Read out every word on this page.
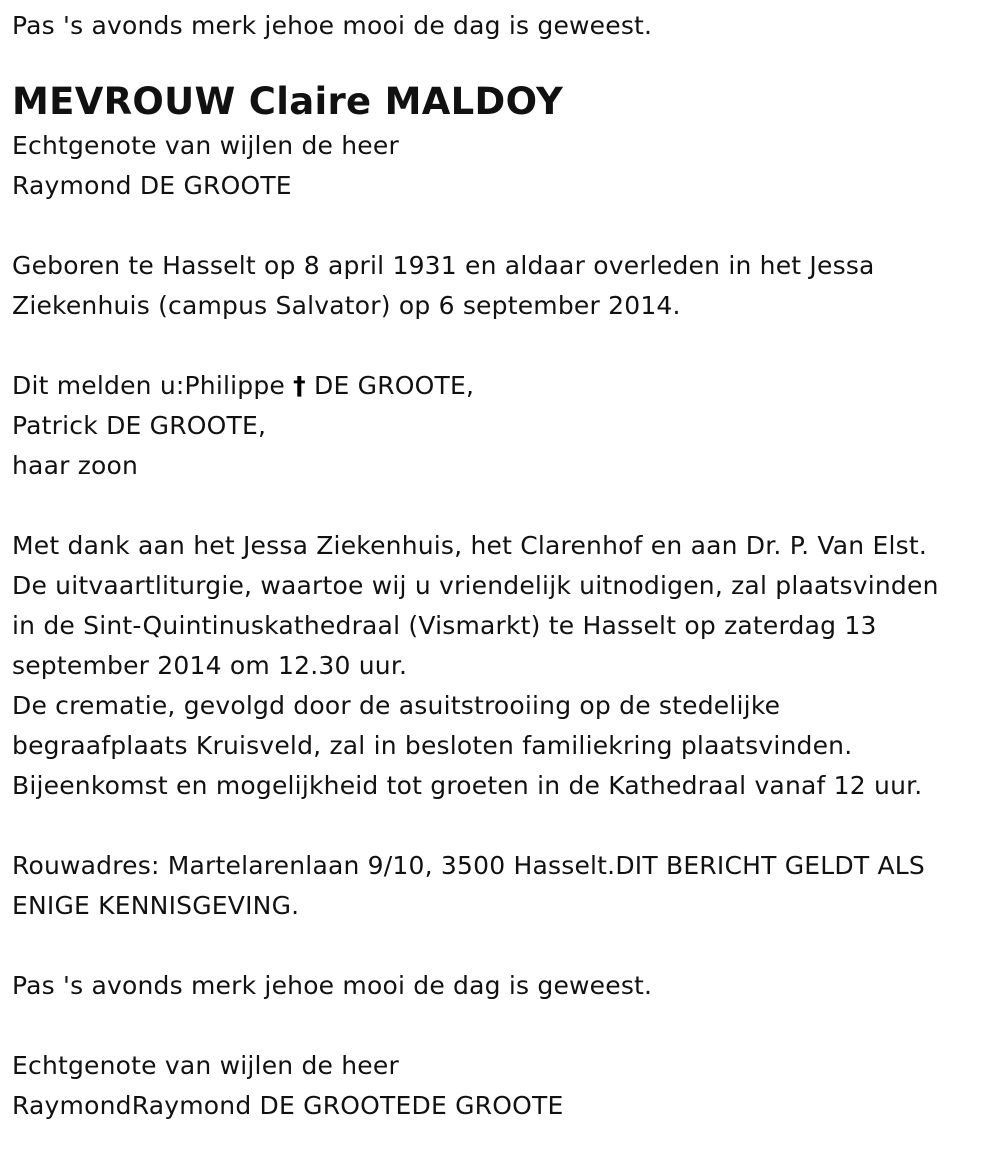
Pas 's avonds merk jehoe mooi de dag is geweest.
MEVROUW Claire MALDOY
Echtgenote van wijlen de heer
Raymond DE GROOTE
Geboren te Hasselt op 8 april 1931 en aldaar overleden in het Jessa
Ziekenhuis (campus Salvator) op 6 september 2014.
Dit melden u:Philippe † DE GROOTE,
Patrick DE GROOTE,
haar zoon
Met dank aan het Jessa Ziekenhuis, het Clarenhof en aan Dr. P. Van Elst.
De uitvaartliturgie, waartoe wij u vriendelijk uitnodigen, zal plaatsvinden
in de Sint-Quintinuskathedraal (Vismarkt) te Hasselt op zaterdag 13
september 2014 om 12.30 uur.
De crematie, gevolgd door de asuitstrooiing op de stedelijke
begraafplaats Kruisveld, zal in besloten familiekring plaatsvinden.
Bijeenkomst en mogelijkheid tot groeten in de Kathedraal vanaf 12 uur.
Rouwadres: Martelarenlaan 9/10, 3500 Hasselt.DIT BERICHT GELDT ALS
ENIGE KENNISGEVING.
Pas 's avonds merk jehoe mooi de dag is geweest.
Echtgenote van wijlen de heer
RaymondRaymond DE GROOTEDE GROOTE
